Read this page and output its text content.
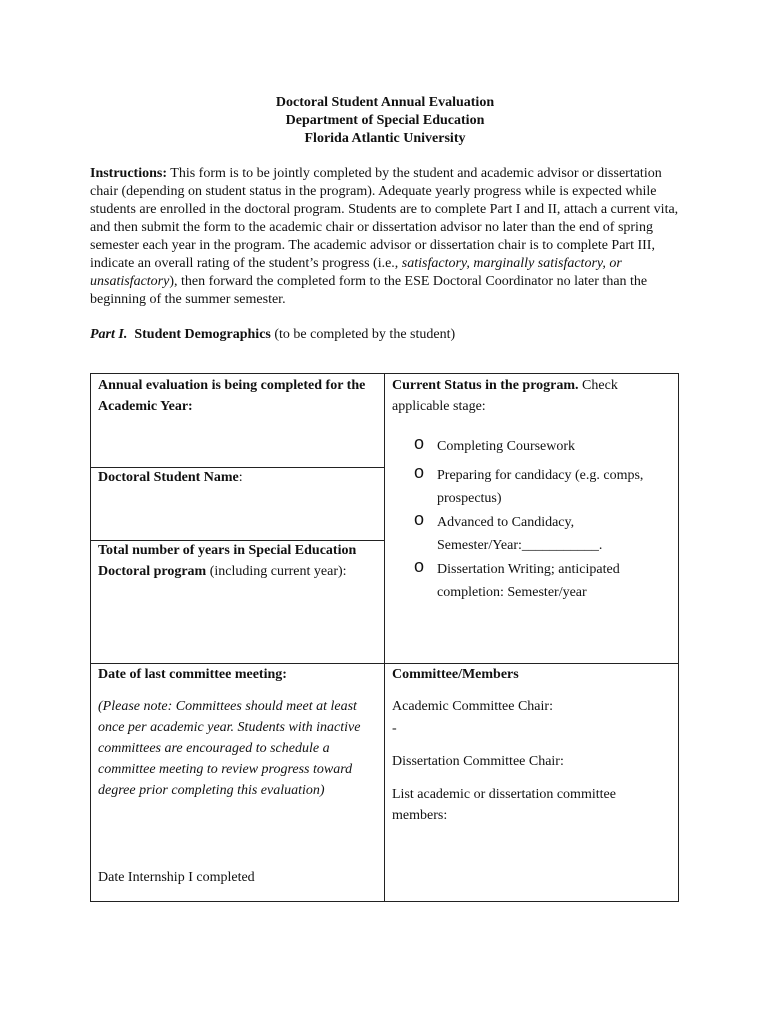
Doctoral Student Annual Evaluation
Department of Special Education
Florida Atlantic University
Instructions: This form is to be jointly completed by the student and academic advisor or dissertation chair (depending on student status in the program). Adequate yearly progress while is expected while students are enrolled in the doctoral program. Students are to complete Part I and II, attach a current vita, and then submit the form to the academic chair or dissertation advisor no later than the end of spring semester each year in the program. The academic advisor or dissertation chair is to complete Part III, indicate an overall rating of the student’s progress (i.e., satisfactory, marginally satisfactory, or unsatisfactory), then forward the completed form to the ESE Doctoral Coordinator no later than the beginning of the summer semester.
Part I. Student Demographics (to be completed by the student)
Annual evaluation is being completed for the Academic Year:
Doctoral Student Name:
Total number of years in Special Education Doctoral program (including current year):
Current Status in the program. Check applicable stage:
o Completing Coursework
o Preparing for candidacy (e.g. comps, prospectus)
o Advanced to Candidacy, Semester/Year:___________.
o Dissertation Writing; anticipated completion: Semester/year
Date of last committee meeting:
(Please note: Committees should meet at least once per academic year. Students with inactive committees are encouraged to schedule a committee meeting to review progress toward degree prior completing this evaluation)
Date Internship I completed
Committee/Members
Academic Committee Chair:
-
Dissertation Committee Chair:
List academic or dissertation committee members:
